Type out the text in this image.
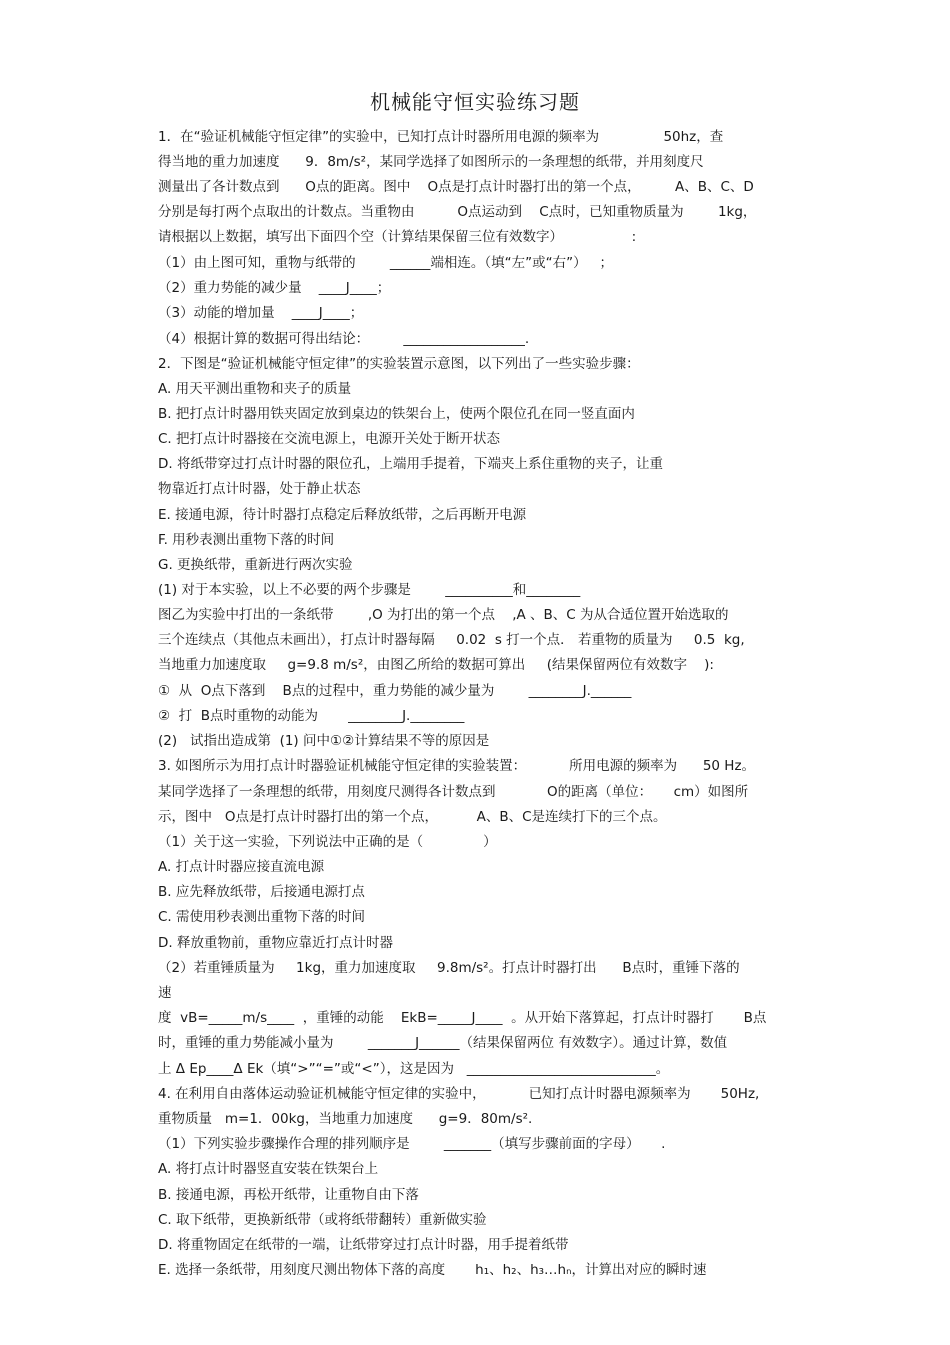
机械能守恒实验练习题
1．在“验证机械能守恒定律”的实验中，已知打点计时器所用电源的频率为               50hz，查
得当地的重力加速度      9．8m/s²，某同学选择了如图所示的一条理想的纸带，并用刻度尺
测量出了各计数点到      O点的距离。图中    O点是打点计时器打出的第一个点，        A、B、C、D
分别是每打两个点取出的计数点。当重物由          O点运动到    C点时，已知重物质量为        1kg，
请根据以上数据，填写出下面四个空（计算结果保留三位有效数字）                :
（1）由上图可知，重物与纸带的        ______端相连。（填“左”或“右”）   ；
（2）重力势能的减少量    ____J____；
（3）动能的增加量    ____J____；
（4）根据计算的数据可得出结论：        __________________.
2．下图是“验证机械能守恒定律”的实验装置示意图，以下列出了一些实验步骤：
A. 用天平测出重物和夹子的质量
B. 把打点计时器用铁夹固定放到桌边的铁架台上，使两个限位孔在同一竖直面内
C. 把打点计时器接在交流电源上，电源开关处于断开状态
D. 将纸带穿过打点计时器的限位孔，上端用手提着，下端夹上系住重物的夹子，让重
物靠近打点计时器，处于静止状态
E. 接通电源，待计时器打点稳定后释放纸带，之后再断开电源
F. 用秒表测出重物下落的时间
G. 更换纸带，重新进行两次实验
(1) 对于本实验，以上不必要的两个步骤是        __________和________
图乙为实验中打出的一条纸带        ,O 为打出的第一个点    ,A 、B、C 为从合适位置开始选取的
三个连续点（其他点未画出），打点计时器每隔     0.02  s 打一个点． 若重物的质量为     0.5  kg,
当地重力加速度取     g=9.8 m/s²，由图乙所给的数据可算出     (结果保留两位有效数字    ):
①  从  O点下落到    B点的过程中，重力势能的减少量为        ________J.______
②  打  B点时重物的动能为       ________J.________
(2)   试指出造成第  (1) 问中①②计算结果不等的原因是
3. 如图所示为用打点计时器验证机械能守恒定律的实验装置：          所用电源的频率为      50 Hz。
某同学选择了一条理想的纸带，用刻度尺测得各计数点到            O的距离（单位：     cm）如图所
示，图中   O点是打点计时器打出的第一个点，         A、B、C是连续打下的三个点。
（1）关于这一实验，下列说法中正确的是（              ）
A. 打点计时器应接直流电源
B. 应先释放纸带，后接通电源打点
C. 需使用秒表测出重物下落的时间
D. 释放重物前，重物应靠近打点计时器
（2）若重锤质量为     1kg，重力加速度取     9.8m/s²。打点计时器打出      B点时，重锤下落的
速
度  vB=_____m/s____  ，重锤的动能    EkB=_____J____  。从开始下落算起，打点计时器打       B点
时，重锤的重力势能减小量为        _______J______（结果保留两位 有效数字）。通过计算，数值
上 Δ Ep____Δ Ek（填“>”“=”或“<”），这是因为   ____________________________。
4. 在利用自由落体运动验证机械能守恒定律的实验中，          已知打点计时器电源频率为       50Hz,
重物质量   m=1．00kg，当地重力加速度      g=9．80m/s².
（1）下列实验步骤操作合理的排列顺序是        _______（填写步骤前面的字母）     .
A. 将打点计时器竖直安装在铁架台上
B. 接通电源，再松开纸带，让重物自由下落
C. 取下纸带，更换新纸带（或将纸带翻转）重新做实验
D. 将重物固定在纸带的一端，让纸带穿过打点计时器，用手提着纸带
E. 选择一条纸带，用刻度尺测出物体下落的高度       h₁、h₂、h₃…hₙ，计算出对应的瞬时速
